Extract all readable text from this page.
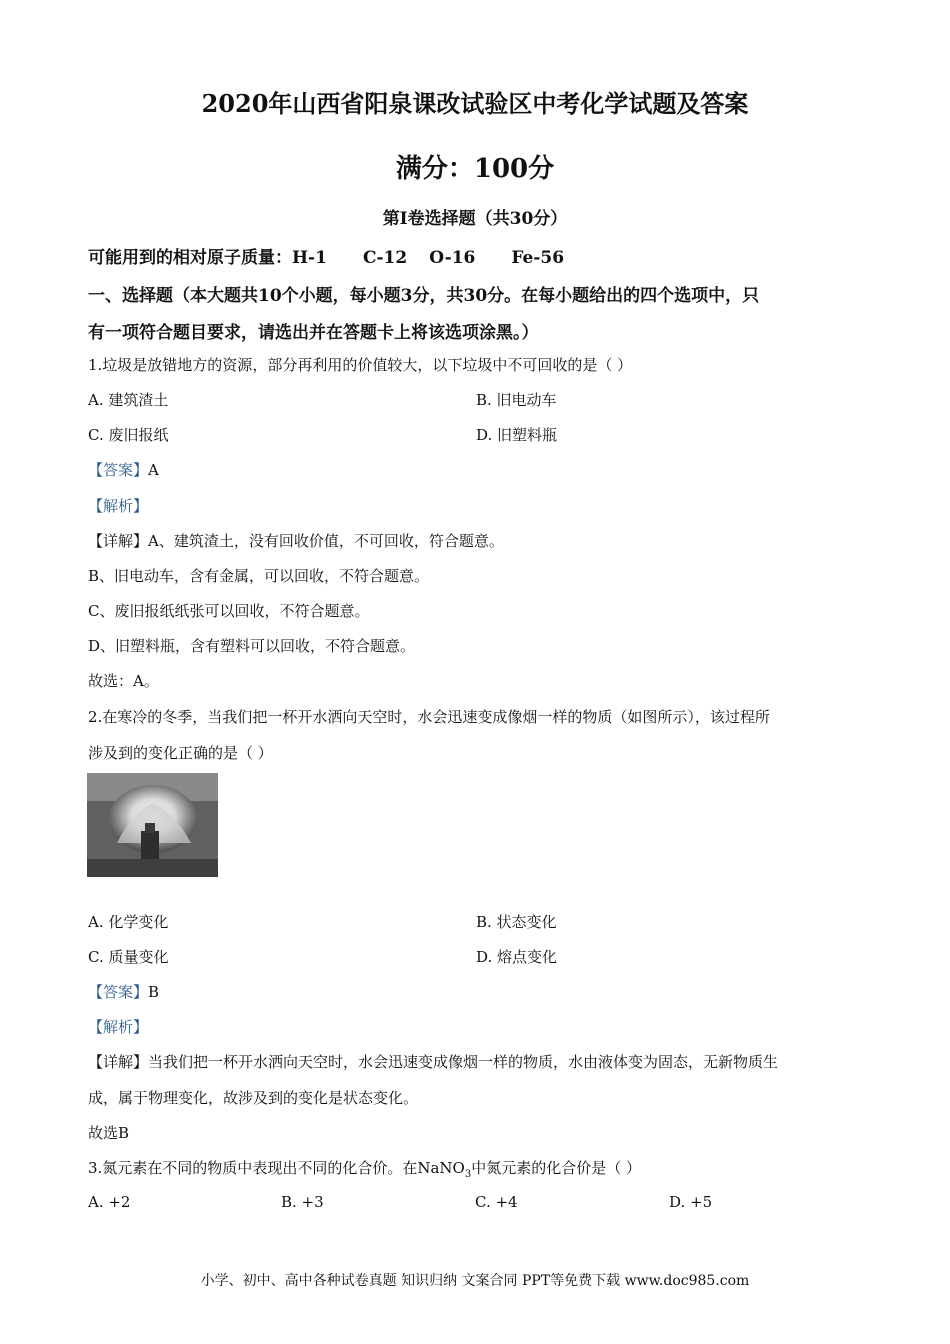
2020年山西省阳泉课改试验区中考化学试题及答案
满分：100分
第Ⅰ卷选择题（共30分）
可能用到的相对原子质量：H-1 C-12 O-16 Fe-56
一、选择题（本大题共10个小题，每小题3分，共30分。在每小题给出的四个选项中，只
有一项符合题目要求，请选出并在答题卡上将该选项涂黑。）
1.垃圾是放错地方的资源，部分再利用的价值较大，以下垃圾中不可回收的是（ ）
A. 建筑渣土	B. 旧电动车
C. 废旧报纸	D. 旧塑料瓶
【答案】A
【解析】
【详解】A、建筑渣土，没有回收价值，不可回收，符合题意。
B、旧电动车，含有金属，可以回收，不符合题意。
C、废旧报纸纸张可以回收，不符合题意。
D、旧塑料瓶，含有塑料可以回收，不符合题意。
故选：A。
2.在寒冷的冬季，当我们把一杯开水洒向天空时，水会迅速变成像烟一样的物质（如图所示），该过程所
涉及到的变化正确的是（ ）
A. 化学变化	B. 状态变化
C. 质量变化	D. 熔点变化
【答案】B
【解析】
【详解】当我们把一杯开水洒向天空时，水会迅速变成像烟一样的物质，水由液体变为固态，无新物质生
成，属于物理变化，故涉及到的变化是状态变化。
故选B
3.氮元素在不同的物质中表现出不同的化合价。在NaNO$_3$中氮元素的化合价是（ ）
A. +2	B. +3	C. +4	D. +5
小学、初中、高中各种试卷真题 知识归纳 文案合同 PPT等免费下载 www.doc985.com
